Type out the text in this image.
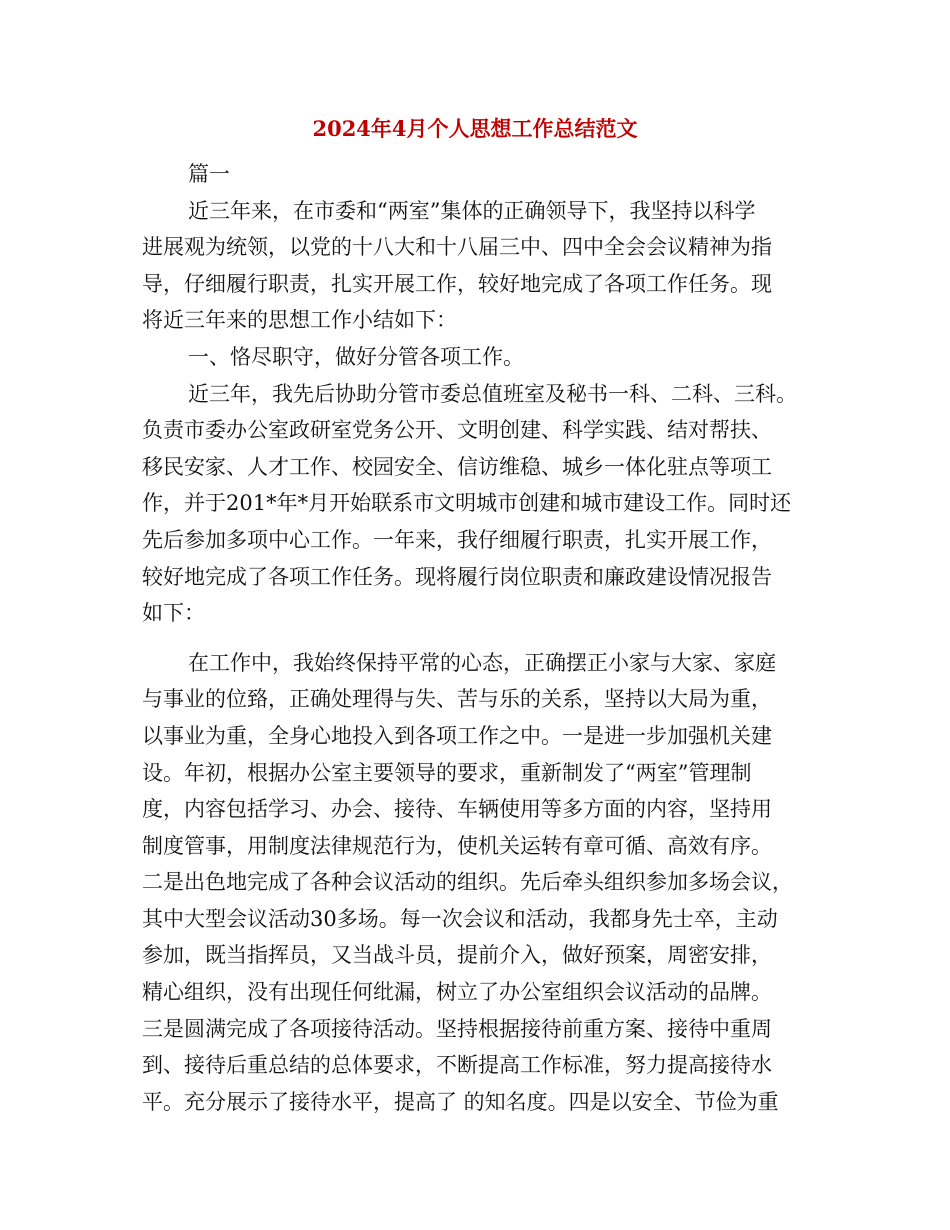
2024年4月个人思想工作总结范文
篇一
近三年来，在市委和“两室”集体的正确领导下，我坚持以科学
进展观为统领，以党的十八大和十八届三中、四中全会会议精神为指
导，仔细履行职责，扎实开展工作，较好地完成了各项工作任务。现
将近三年来的思想工作小结如下：
一、恪尽职守，做好分管各项工作。
近三年，我先后协助分管市委总值班室及秘书一科、二科、三科。
负责市委办公室政研室党务公开、文明创建、科学实践、结对帮扶、
移民安家、人才工作、校园安全、信访维稳、城乡一体化驻点等项工
作，并于201*年*月开始联系市文明城市创建和城市建设工作。同时还
先后参加多项中心工作。一年来，我仔细履行职责，扎实开展工作，
较好地完成了各项工作任务。现将履行岗位职责和廉政建设情况报告
如下：
在工作中，我始终保持平常的心态，正确摆正小家与大家、家庭
与事业的位臵，正确处理得与失、苦与乐的关系，坚持以大局为重，
以事业为重，全身心地投入到各项工作之中。一是进一步加强机关建
设。年初，根据办公室主要领导的要求，重新制发了“两室”管理制
度，内容包括学习、办会、接待、车辆使用等多方面的内容，坚持用
制度管事，用制度法律规范行为，使机关运转有章可循、高效有序。
二是出色地完成了各种会议活动的组织。先后牵头组织参加多场会议，
其中大型会议活动30多场。每一次会议和活动，我都身先士卒，主动
参加，既当指挥员，又当战斗员，提前介入，做好预案，周密安排，
精心组织，没有出现任何纰漏，树立了办公室组织会议活动的品牌。
三是圆满完成了各项接待活动。坚持根据接待前重方案、接待中重周
到、接待后重总结的总体要求，不断提高工作标准，努力提高接待水
平。充分展示了接待水平，提高了 的知名度。四是以安全、节俭为重
